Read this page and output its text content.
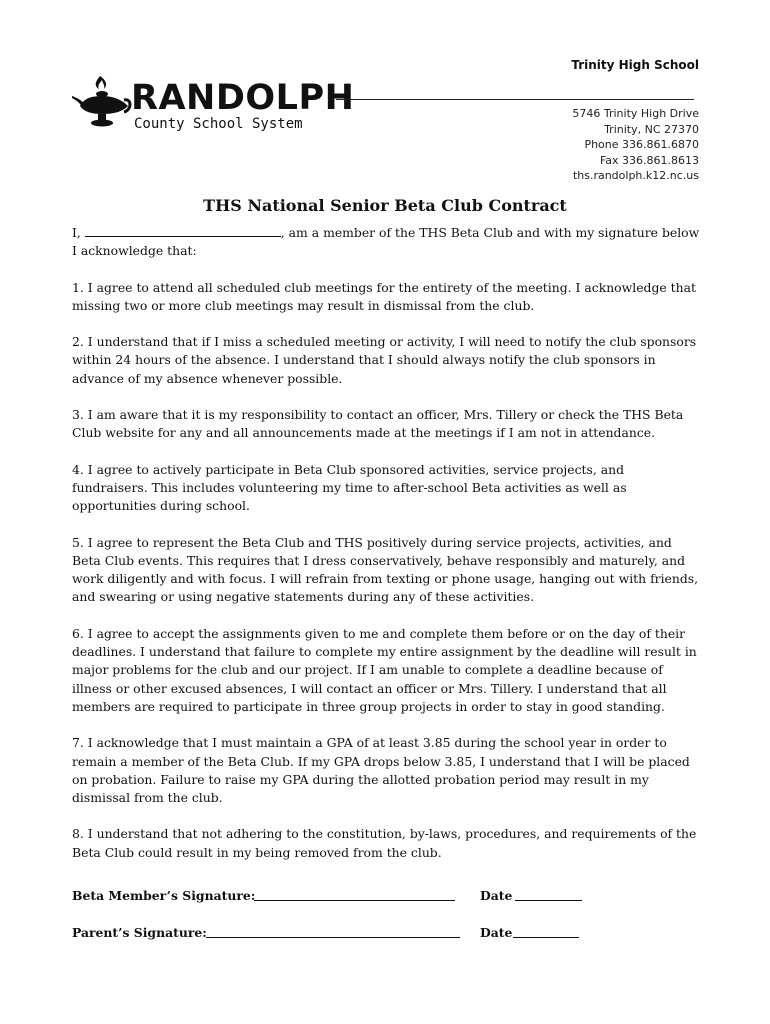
RANDOLPH
County School System
Trinity High School
5746 Trinity High Drive
Trinity, NC 27370
Phone 336.861.6870
Fax 336.861.8613
ths.randolph.k12.nc.us
THS National Senior Beta Club Contract

I,	, am a member of the THS Beta Club and with my signature below I acknowledge that:

1. I agree to attend all scheduled club meetings for the entirety of the meeting. I acknowledge that missing two or more club meetings may result in dismissal from the club.

2. I understand that if I miss a scheduled meeting or activity, I will need to notify the club sponsors within 24 hours of the absence. I understand that I should always notify the club sponsors in advance of my absence whenever possible.

3. I am aware that it is my responsibility to contact an officer, Mrs. Tillery or check the THS Beta Club website for any and all announcements made at the meetings if I am not in attendance.

4. I agree to actively participate in Beta Club sponsored activities, service projects, and fundraisers. This includes volunteering my time to after-school Beta activities as well as opportunities during school.

5. I agree to represent the Beta Club and THS positively during service projects, activities, and Beta Club events. This requires that I dress conservatively, behave responsibly and maturely, and work diligently and with focus. I will refrain from texting or phone usage, hanging out with friends, and swearing or using negative statements during any of these activities.

6. I agree to accept the assignments given to me and complete them before or on the day of their deadlines. I understand that failure to complete my entire assignment by the deadline will result in major problems for the club and our project. If I am unable to complete a deadline because of illness or other excused absences, I will contact an officer or Mrs. Tillery. I understand that all members are required to participate in three group projects in order to stay in good standing.

7. I acknowledge that I must maintain a GPA of at least 3.85 during the school year in order to remain a member of the Beta Club. If my GPA drops below 3.85, I understand that I will be placed on probation. Failure to raise my GPA during the allotted probation period may result in my dismissal from the club.

8. I understand that not adhering to the constitution, by-laws, procedures, and requirements of the Beta Club could result in my being removed from the club.

Beta Member’s Signature:	Date
Parent’s Signature:	Date
